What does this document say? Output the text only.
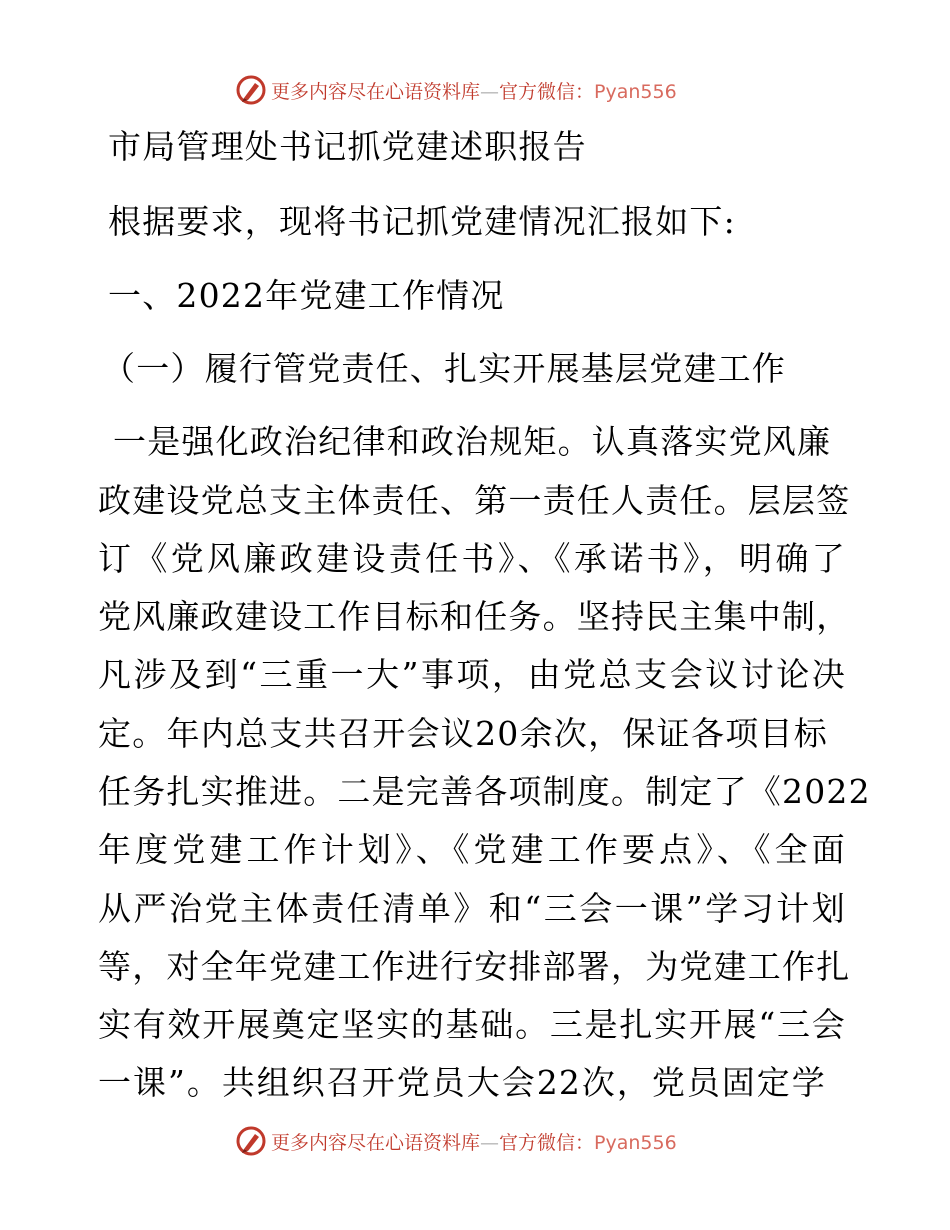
更多内容尽在心语资料库—官方微信：Pyan556
市局管理处书记抓党建述职报告
根据要求，现将书记抓党建情况汇报如下:
一、2022年党建工作情况
（一）履行管党责任、扎实开展基层党建工作
一是强化政治纪律和政治规矩。认真落实党风廉
政建设党总支主体责任、第一责任人责任。层层签
订《党风廉政建设责任书》、《承诺书》，明确了
党风廉政建设工作目标和任务。坚持民主集中制，
凡涉及到“三重一大”事项，由党总支会议讨论决
定。年内总支共召开会议20余次，保证各项目标
任务扎实推进。二是完善各项制度。制定了《2022
年度党建工作计划》、《党建工作要点》、《全面
从严治党主体责任清单》和“三会一课”学习计划
等，对全年党建工作进行安排部署，为党建工作扎
实有效开展奠定坚实的基础。三是扎实开展“三会
一课”。共组织召开党员大会22次，党员固定学
更多内容尽在心语资料库—官方微信：Pyan556
